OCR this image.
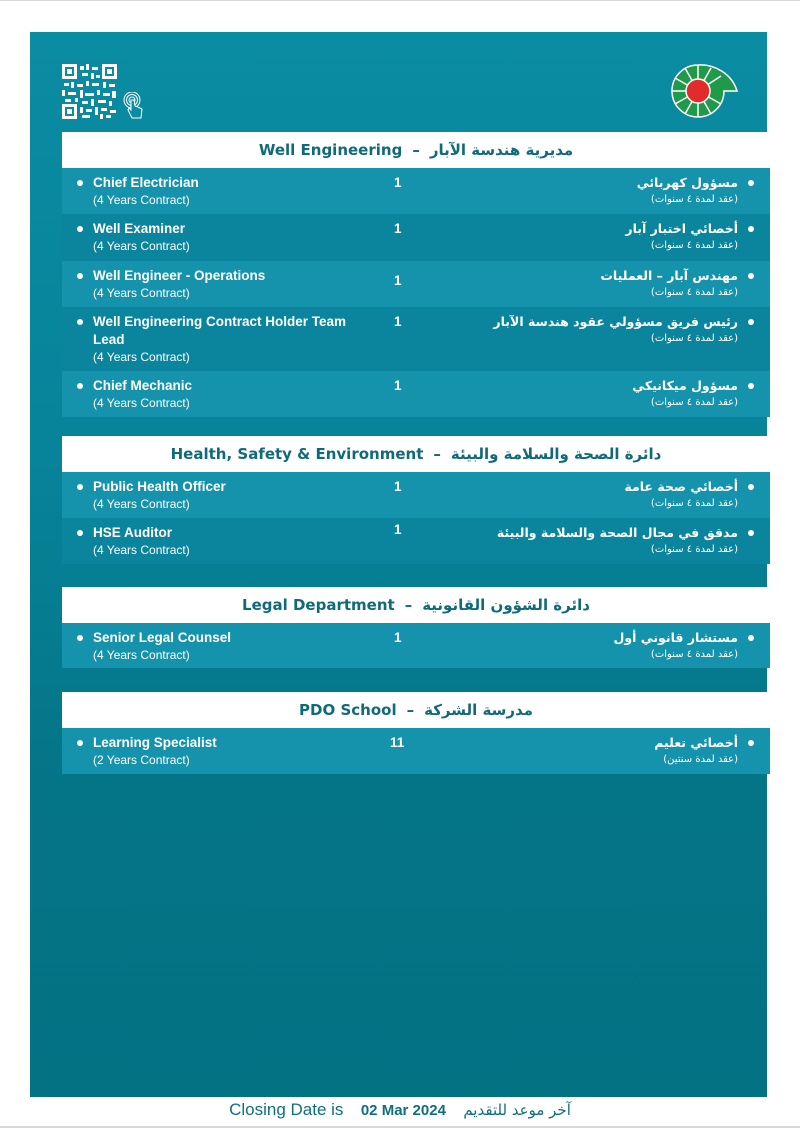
Well Engineering – مديرية هندسة الآبار
Chief Electrician
(4 Years Contract)
1	مسؤول كهربائي
(عقد لمدة ٤ سنوات)
Well Examiner
(4 Years Contract)
1	أخصائي اختبار آبار
(عقد لمدة ٤ سنوات)
Well Engineer - Operations
(4 Years Contract)
1	مهندس آبار – العمليات
(عقد لمدة ٤ سنوات)
Well Engineering Contract Holder Team Lead
(4 Years Contract)
1	رئيس فريق مسؤولي عقود هندسة الآبار
(عقد لمدة ٤ سنوات)
Chief Mechanic
(4 Years Contract)
1	مسؤول ميكانيكي
(عقد لمدة ٤ سنوات)
Health, Safety & Environment – دائرة الصحة والسلامة والبيئة
Public Health Officer
(4 Years Contract)
1	أخصائي صحة عامة
(عقد لمدة ٤ سنوات)
HSE Auditor
(4 Years Contract)
1	مدقق في مجال الصحة والسلامة والبيئة
(عقد لمدة ٤ سنوات)
Legal Department – دائرة الشؤون القانونية
Senior Legal Counsel
(4 Years Contract)
1	مستشار قانوني أول
(عقد لمدة ٤ سنوات)
PDO School – مدرسة الشركة
Learning Specialist
(2 Years Contract)
11	أخصائي تعليم
(عقد لمدة سنتين)
Closing Date is 02 Mar 2024 آخر موعد للتقديم
